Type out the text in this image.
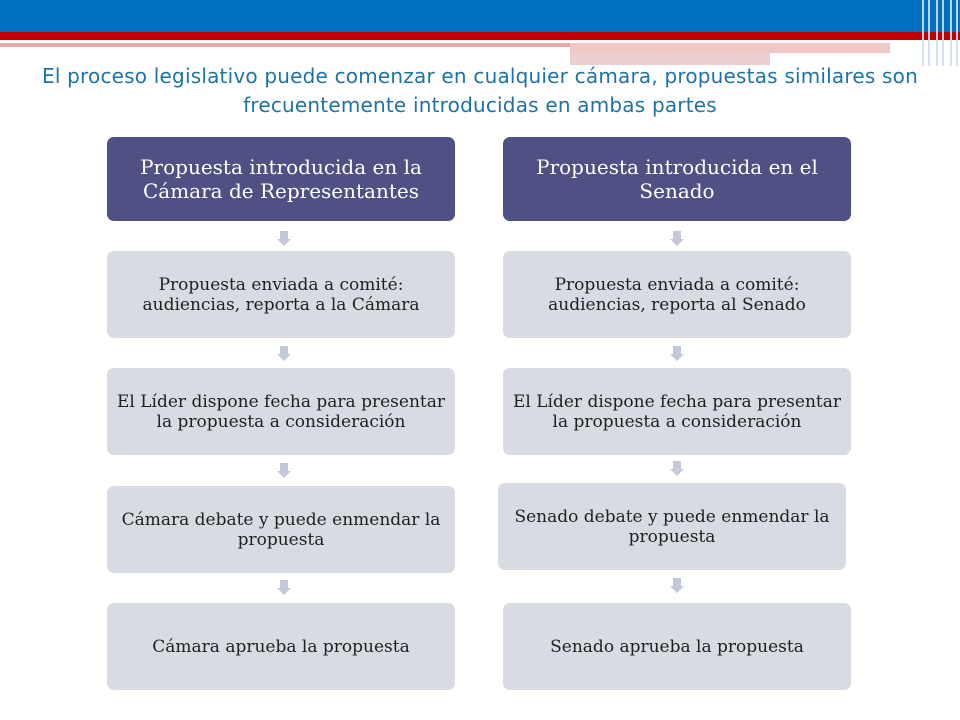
El proceso legislativo puede comenzar en cualquier cámara, propuestas similares son frecuentemente introducidas en ambas partes
Propuesta introducida en la Cámara de Representantes
Propuesta enviada a comité: audiencias, reporta a la Cámara
El Líder dispone fecha para presentar la propuesta a consideración
Cámara debate y puede enmendar la propuesta
Cámara aprueba la propuesta
Propuesta introducida en el Senado
Propuesta enviada a comité: audiencias, reporta al Senado
El Líder dispone fecha para presentar la propuesta a consideración
Senado debate y puede enmendar la propuesta
Senado aprueba la propuesta
